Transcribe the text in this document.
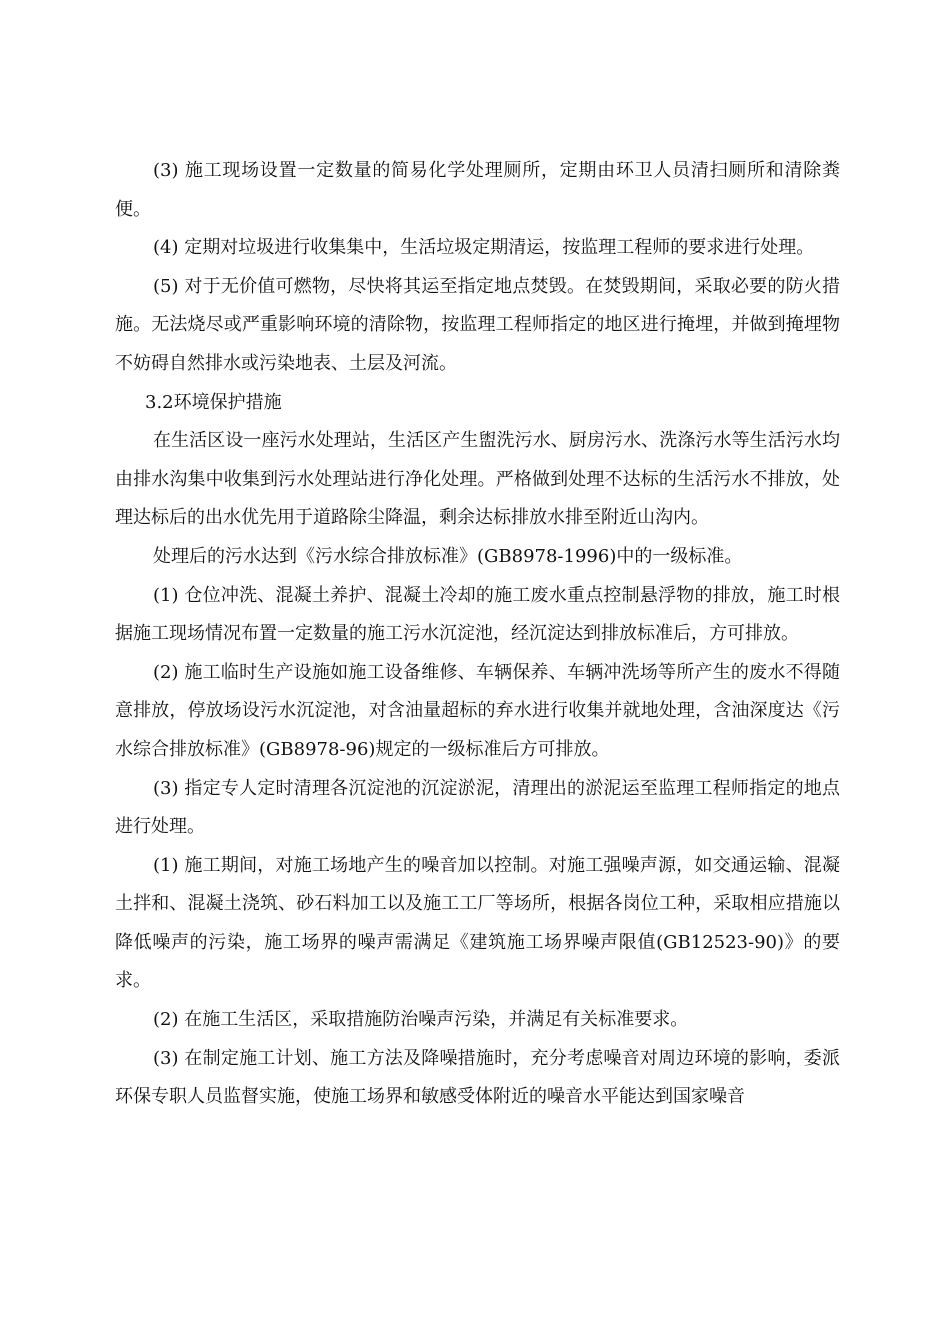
(3) 施工现场设置一定数量的简易化学处理厕所，定期由环卫人员清扫厕所和清除粪便。

(4) 定期对垃圾进行收集集中，生活垃圾定期清运，按监理工程师的要求进行处理。

(5) 对于无价值可燃物，尽快将其运至指定地点焚毁。在焚毁期间，采取必要的防火措施。无法烧尽或严重影响环境的清除物，按监理工程师指定的地区进行掩埋，并做到掩埋物不妨碍自然排水或污染地表、土层及河流。

3.2环境保护措施

在生活区设一座污水处理站，生活区产生盥洗污水、厨房污水、洗涤污水等生活污水均由排水沟集中收集到污水处理站进行净化处理。严格做到处理不达标的生活污水不排放，处理达标后的出水优先用于道路除尘降温，剩余达标排放水排至附近山沟内。

处理后的污水达到《污水综合排放标准》(GB8978-1996)中的一级标准。

(1) 仓位冲洗、混凝土养护、混凝土冷却的施工废水重点控制悬浮物的排放，施工时根据施工现场情况布置一定数量的施工污水沉淀池，经沉淀达到排放标准后，方可排放。

(2) 施工临时生产设施如施工设备维修、车辆保养、车辆冲洗场等所产生的废水不得随意排放，停放场设污水沉淀池，对含油量超标的弃水进行收集并就地处理，含油深度达《污水综合排放标准》(GB8978-96)规定的一级标准后方可排放。

(3) 指定专人定时清理各沉淀池的沉淀淤泥，清理出的淤泥运至监理工程师指定的地点进行处理。

(1) 施工期间，对施工场地产生的噪音加以控制。对施工强噪声源，如交通运输、混凝土拌和、混凝土浇筑、砂石料加工以及施工工厂等场所，根据各岗位工种，采取相应措施以降低噪声的污染，施工场界的噪声需满足《建筑施工场界噪声限值(GB12523-90)》的要求。

(2) 在施工生活区，采取措施防治噪声污染，并满足有关标准要求。

(3) 在制定施工计划、施工方法及降噪措施时，充分考虑噪音对周边环境的影响，委派环保专职人员监督实施，使施工场界和敏感受体附近的噪音水平能达到国家噪音
